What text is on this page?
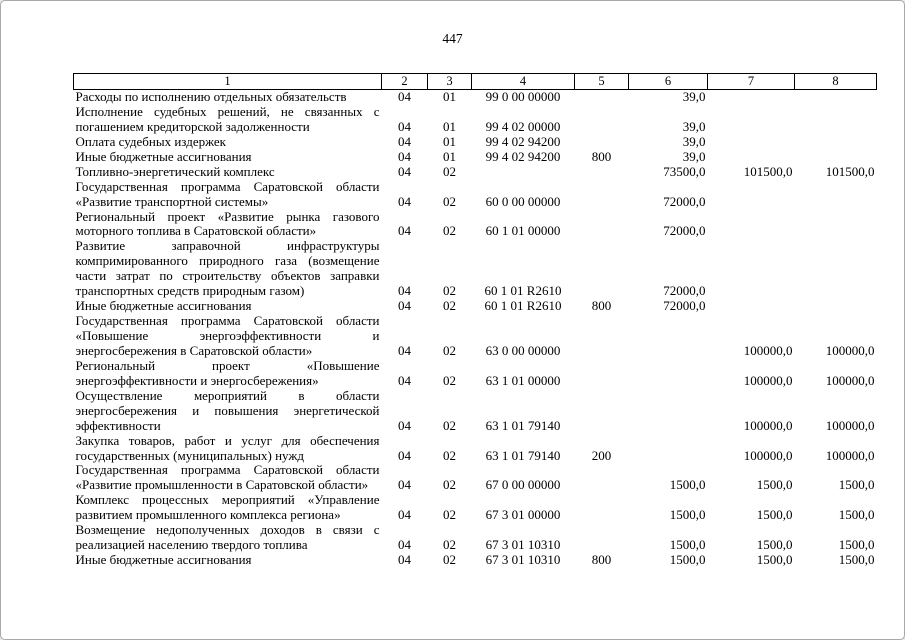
447
1	2	3	4	5	6	7	8
Расходы по исполнению отдельных обязательств	04	01	99 0 00 00000		39,0		
Исполнение судебных решений, не связанных с погашением кредиторской задолженности	04	01	99 4 02 00000		39,0		
Оплата судебных издержек	04	01	99 4 02 94200		39,0		
Иные бюджетные ассигнования	04	01	99 4 02 94200	800	39,0		
Топливно-энергетический комплекс	04	02			73500,0	101500,0	101500,0
Государственная программа Саратовской области «Развитие транспортной системы»	04	02	60 0 00 00000		72000,0		
Региональный проект «Развитие рынка газового моторного топлива в Саратовской области»	04	02	60 1 01 00000		72000,0		
Развитие заправочной инфраструктуры компримированного природного газа (возмещение части затрат по строительству объектов заправки транспортных средств природным газом)	04	02	60 1 01 R2610		72000,0		
Иные бюджетные ассигнования	04	02	60 1 01 R2610	800	72000,0		
Государственная программа Саратовской области «Повышение энергоэффективности и энергосбережения в Саратовской области»	04	02	63 0 00 00000			100000,0	100000,0
Региональный проект «Повышение энергоэффективности и энергосбережения»	04	02	63 1 01 00000			100000,0	100000,0
Осуществление мероприятий в области энергосбережения и повышения энергетической эффективности	04	02	63 1 01 79140			100000,0	100000,0
Закупка товаров, работ и услуг для обеспечения государственных (муниципальных) нужд	04	02	63 1 01 79140	200		100000,0	100000,0
Государственная программа Саратовской области «Развитие промышленности в Саратовской области»	04	02	67 0 00 00000		1500,0	1500,0	1500,0
Комплекс процессных мероприятий «Управление развитием промышленного комплекса региона»	04	02	67 3 01 00000		1500,0	1500,0	1500,0
Возмещение недополученных доходов в связи с реализацией населению твердого топлива	04	02	67 3 01 10310		1500,0	1500,0	1500,0
Иные бюджетные ассигнования	04	02	67 3 01 10310	800	1500,0	1500,0	1500,0
